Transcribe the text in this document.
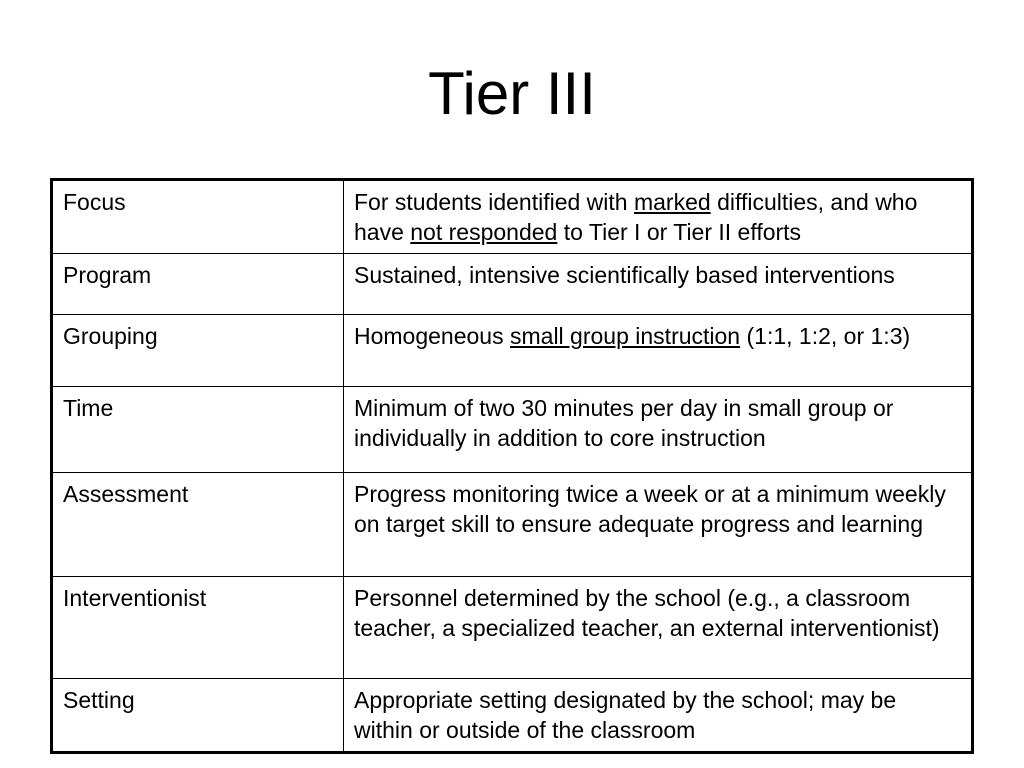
Tier III
Focus	For students identified with marked difficulties, and who have not responded to Tier I or Tier II efforts
Program	Sustained, intensive scientifically based interventions
Grouping	Homogeneous small group instruction (1:1, 1:2, or 1:3)
Time	Minimum of two 30 minutes per day in small group or individually in addition to core instruction
Assessment	Progress monitoring twice a week or at a minimum weekly on target skill to ensure adequate progress and learning
Interventionist	Personnel determined by the school (e.g., a classroom teacher, a specialized teacher, an external interventionist)
Setting	Appropriate setting designated by the school; may be within or outside of the classroom
